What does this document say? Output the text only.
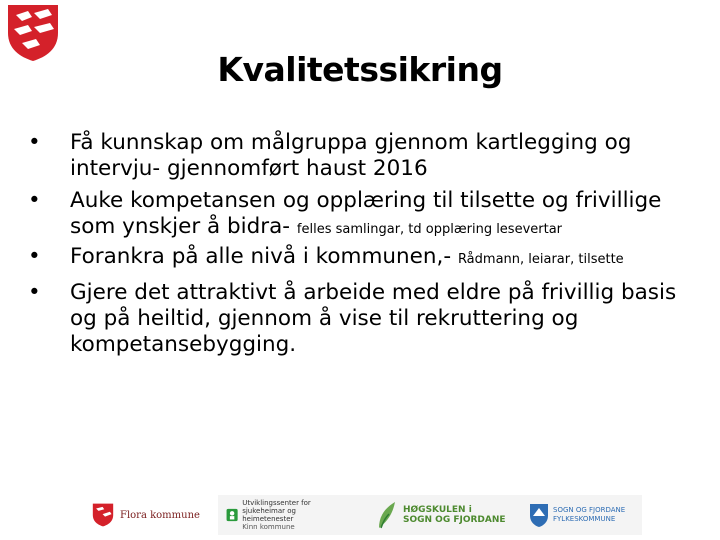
Kvalitetssikring
• Få kunnskap om målgruppa gjennom kartlegging og intervju- gjennomført haust 2016
• Auke kompetansen og opplæring til tilsette og frivillige som ynskjer å bidra- felles samlingar, td opplæring lesevertar
• Forankra på alle nivå i kommunen,- Rådmann, leiarar, tilsette
• Gjere det attraktivt å arbeide med eldre på frivillig basis og på heiltid, gjennom å vise til rekruttering og kompetansebygging.
Flora kommune
Utviklingssenter for sjukeheimar og heimetenester
Kinn kommune
HØGSKULEN i
SOGN OG FJORDANE
SOGN OG FJORDANE
FYLKESKOMMUNE
